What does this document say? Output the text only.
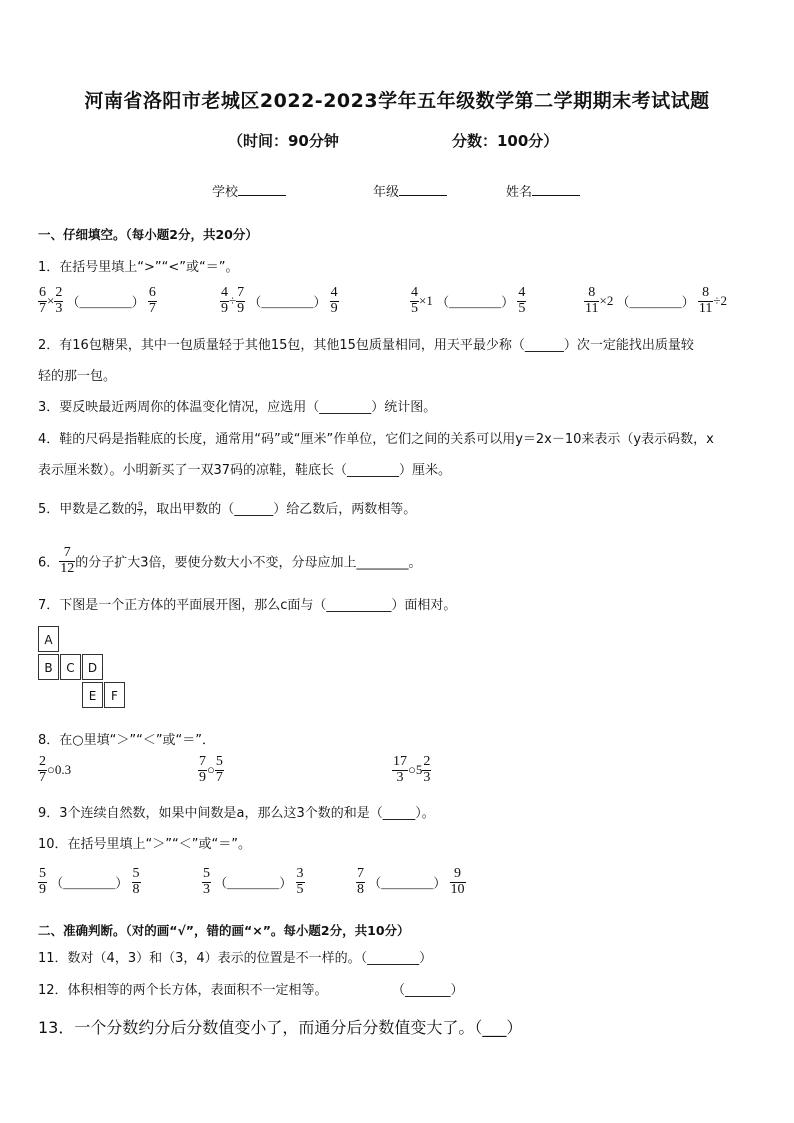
河南省洛阳市老城区2022-2023学年五年级数学第二学期期末考试试题
（时间：90分钟	分数：100分）
学校	年级	姓名
一、仔细填空。（每小题2分，共20分）
1．在括号里填上“>”“<”或“＝”。
$\frac{6}{7} \times \frac{2}{3}$ （________） $\frac{6}{7}$	$\frac{4}{9} \div \frac{7}{9}$ （________） $\frac{4}{9}$	$\frac{4}{5} \times 1$ （________） $\frac{4}{5}$	$\frac{8}{11} \times 2$ （________） $\frac{8}{11} \div 2$
2．有16包糖果，其中一包质量轻于其他15包，其他15包质量相同，用天平最少称（______）次一定能找出质量较
轻的那一包。
3．要反映最近两周你的体温变化情况，应选用（________）统计图。
4．鞋的尺码是指鞋底的长度，通常用“码”或“厘米”作单位，它们之间的关系可以用y＝2x－10来表示（y表示码数，x
表示厘米数）。小明新买了一双37码的凉鞋，鞋底长（________）厘米。
5．甲数是乙数的 $\frac{9}{7}$ ，取出甲数的（______）给乙数后，两数相等。
6． $\frac{7}{12}$ 的分子扩大3倍，要使分数大小不变，分母应加上________。
7．下图是一个正方体的平面展开图，那么c面与（__________）面相对。
A
B	C	D
E	F
8．在○里填“＞”“＜”或“＝”．
$\frac{2}{7}$ ○0.3	$\frac{7}{9}$ ○ $\frac{5}{7}$	$\frac{17}{3}$ ○5 $\frac{2}{3}$
9．3个连续自然数，如果中间数是a，那么这3个数的和是（_____）。
10．在括号里填上“＞”“＜”或“＝”。
$\frac{5}{9}$ （________） $\frac{5}{8}$	$\frac{5}{3}$ （________） $\frac{3}{5}$	$\frac{7}{8}$ （________） $\frac{9}{10}$
二、准确判断。（对的画“√”，错的画“×”。每小题2分，共10分）
11．数对（4，3）和（3，4）表示的位置是不一样的。（________）
12．体积相等的两个长方体，表面积不一定相等。	（_______）
13．一个分数约分后分数值变小了，而通分后分数值变大了。（___）
